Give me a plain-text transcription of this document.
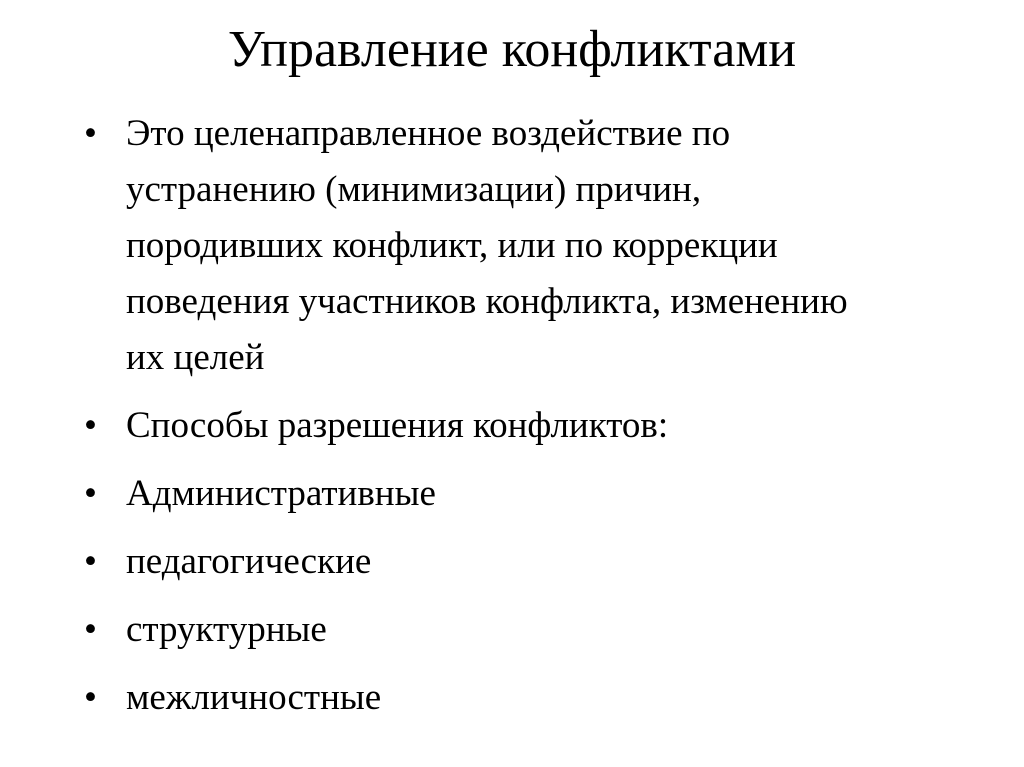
Управление конфликтами
• Это целенаправленное воздействие по устранению (минимизации) причин, породивших конфликт, или по коррекции поведения участников конфликта, изменению их целей
• Способы разрешения конфликтов:
• Административные
• педагогические
• структурные
• межличностные
